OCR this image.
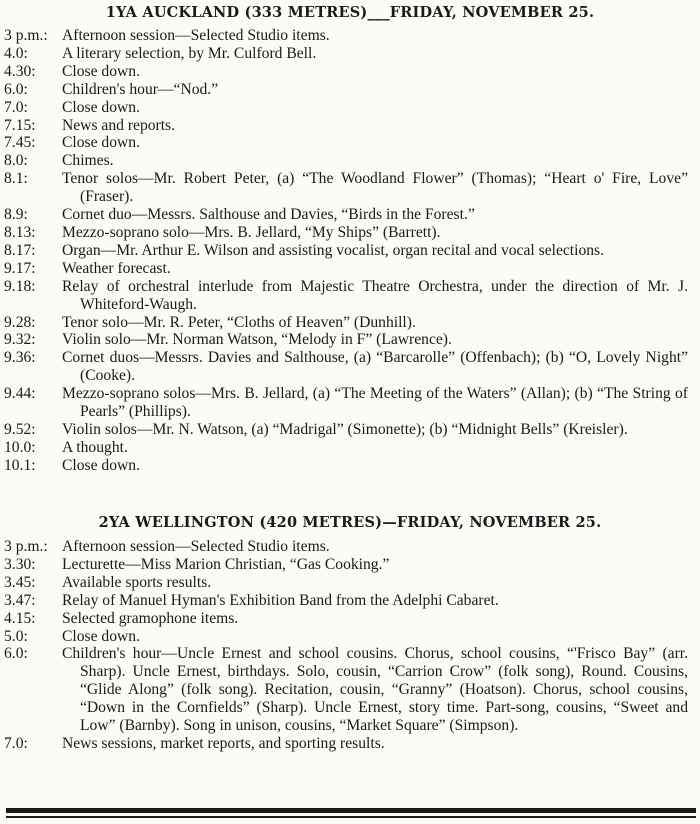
1YA AUCKLAND (333 METRES)___FRIDAY, NOVEMBER 25.
3 p.m.: Afternoon session—Selected Studio items.
4.0:	A literary selection, by Mr. Culford Bell.
4.30:	Close down.
6.0:	Children's hour—“Nod.”
7.0:	Close down.
7.15:	News and reports.
7.45:	Close down.
8.0:	Chimes.
8.1:	Tenor solos—Mr. Robert Peter, (a) “The Woodland Flower” (Thomas); “Heart o' Fire, Love” (Fraser).
8.9:	Cornet duo—Messrs. Salthouse and Davies, “Birds in the Forest.”
8.13:	Mezzo-soprano solo—Mrs. B. Jellard, “My Ships” (Barrett).
8.17:	Organ—Mr. Arthur E. Wilson and assisting vocalist, organ recital and vocal selections.
9.17:	Weather forecast.
9.18:	Relay of orchestral interlude from Majestic Theatre Orchestra, under the direction of Mr. J. Whiteford-Waugh.
9.28:	Tenor solo—Mr. R. Peter, “Cloths of Heaven” (Dunhill).
9.32:	Violin solo—Mr. Norman Watson, “Melody in F” (Lawrence).
9.36:	Cornet duos—Messrs. Davies and Salthouse, (a) “Barcarolle” (Offenbach); (b) “O, Lovely Night” (Cooke).
9.44:	Mezzo-soprano solos—Mrs. B. Jellard, (a) “The Meeting of the Waters” (Allan); (b) “The String of Pearls” (Phillips).
9.52:	Violin solos—Mr. N. Watson, (a) “Madrigal” (Simonette); (b) “Midnight Bells” (Kreisler).
10.0:	A thought.
10.1:	Close down.
2YA WELLINGTON (420 METRES)—FRIDAY, NOVEMBER 25.
3 p.m.: Afternoon session—Selected Studio items.
3.30:	Lecturette—Miss Marion Christian, “Gas Cooking.”
3.45:	Available sports results.
3.47:	Relay of Manuel Hyman's Exhibition Band from the Adelphi Cabaret.
4.15:	Selected gramophone items.
5.0:	Close down.
6.0:	Children's hour—Uncle Ernest and school cousins. Chorus, school cousins, “'Frisco Bay” (arr. Sharp). Uncle Ernest, birthdays. Solo, cousin, “Carrion Crow” (folk song), Round. Cousins, “Glide Along” (folk song). Recitation, cousin, “Granny” (Hoatson). Chorus, school cousins, “Down in the Cornfields” (Sharp). Uncle Ernest, story time. Part-song, cousins, “Sweet and Low” (Barnby). Song in unison, cousins, “Market Square” (Simpson).
7.0:	News sessions, market reports, and sporting results.
